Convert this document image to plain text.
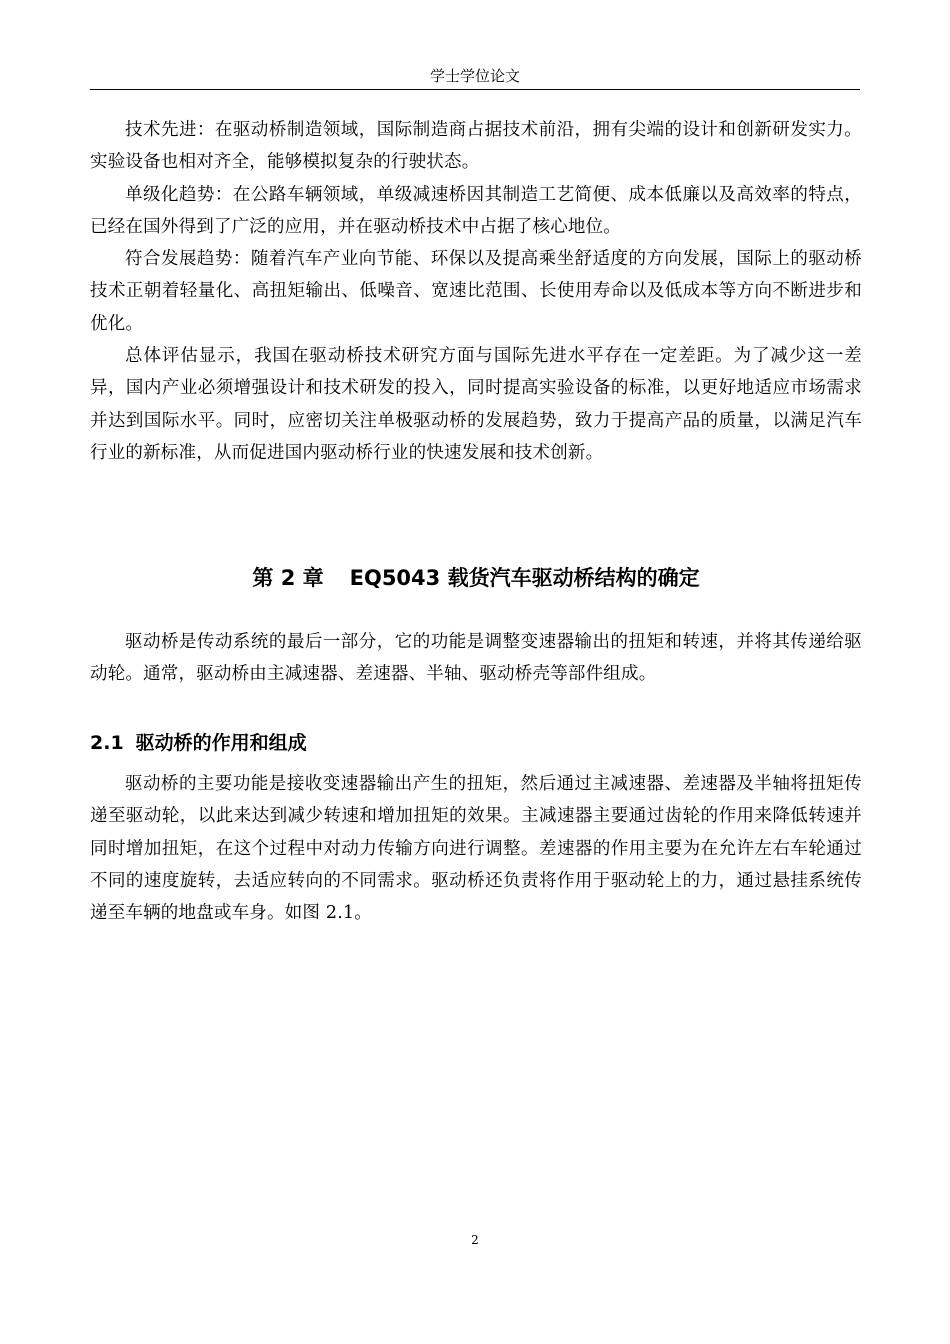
学士学位论文

技术先进：在驱动桥制造领域，国际制造商占据技术前沿，拥有尖端的设计和创新研发实力。实验设备也相对齐全，能够模拟复杂的行驶状态。

单级化趋势：在公路车辆领域，单级减速桥因其制造工艺简便、成本低廉以及高效率的特点，已经在国外得到了广泛的应用，并在驱动桥技术中占据了核心地位。

符合发展趋势：随着汽车产业向节能、环保以及提高乘坐舒适度的方向发展，国际上的驱动桥技术正朝着轻量化、高扭矩输出、低噪音、宽速比范围、长使用寿命以及低成本等方向不断进步和优化。

总体评估显示，我国在驱动桥技术研究方面与国际先进水平存在一定差距。为了减少这一差异，国内产业必须增强设计和技术研发的投入，同时提高实验设备的标准，以更好地适应市场需求并达到国际水平。同时，应密切关注单极驱动桥的发展趋势，致力于提高产品的质量，以满足汽车行业的新标准，从而促进国内驱动桥行业的快速发展和技术创新。

第 2 章 EQ5043 载货汽车驱动桥结构的确定

驱动桥是传动系统的最后一部分，它的功能是调整变速器输出的扭矩和转速，并将其传递给驱动轮。通常，驱动桥由主减速器、差速器、半轴、驱动桥壳等部件组成。

2.1 驱动桥的作用和组成

驱动桥的主要功能是接收变速器输出产生的扭矩，然后通过主减速器、差速器及半轴将扭矩传递至驱动轮，以此来达到减少转速和增加扭矩的效果。主减速器主要通过齿轮的作用来降低转速并同时增加扭矩，在这个过程中对动力传输方向进行调整。差速器的作用主要为在允许左右车轮通过不同的速度旋转，去适应转向的不同需求。驱动桥还负责将作用于驱动轮上的力，通过悬挂系统传递至车辆的地盘或车身。如图 2.1。

2
